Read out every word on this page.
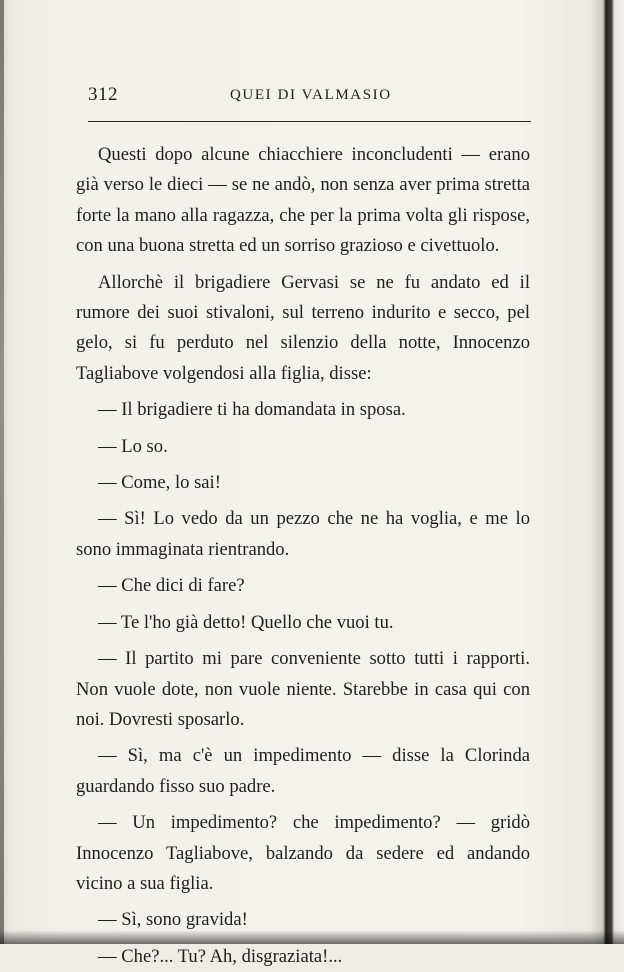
312	QUEI DI VALMASIO

Questi dopo alcune chiacchiere inconcludenti — erano già verso le dieci — se ne andò, non senza aver prima stretta forte la mano alla ragazza, che per la prima volta gli rispose, con una buona stretta ed un sorriso grazioso e civettuolo.

Allorchè il brigadiere Gervasi se ne fu andato ed il rumore dei suoi stivaloni, sul terreno indurito e secco, pel gelo, si fu perduto nel silenzio della notte, Innocenzo Tagliabove volgendosi alla figlia, disse:

— Il brigadiere ti ha domandata in sposa.

— Lo so.

— Come, lo sai!

— Sì! Lo vedo da un pezzo che ne ha voglia, e me lo sono immaginata rientrando.

— Che dici di fare?

— Te l'ho già detto! Quello che vuoi tu.

— Il partito mi pare conveniente sotto tutti i rapporti. Non vuole dote, non vuole niente. Starebbe in casa qui con noi. Dovresti sposarlo.

— Sì, ma c'è un impedimento — disse la Clorinda guardando fisso suo padre.

— Un impedimento? che impedimento? — gridò Innocenzo Tagliabove, balzando da sedere ed andando vicino a sua figlia.

— Sì, sono gravida!

— Che?... Tu? Ah, disgraziata!...
